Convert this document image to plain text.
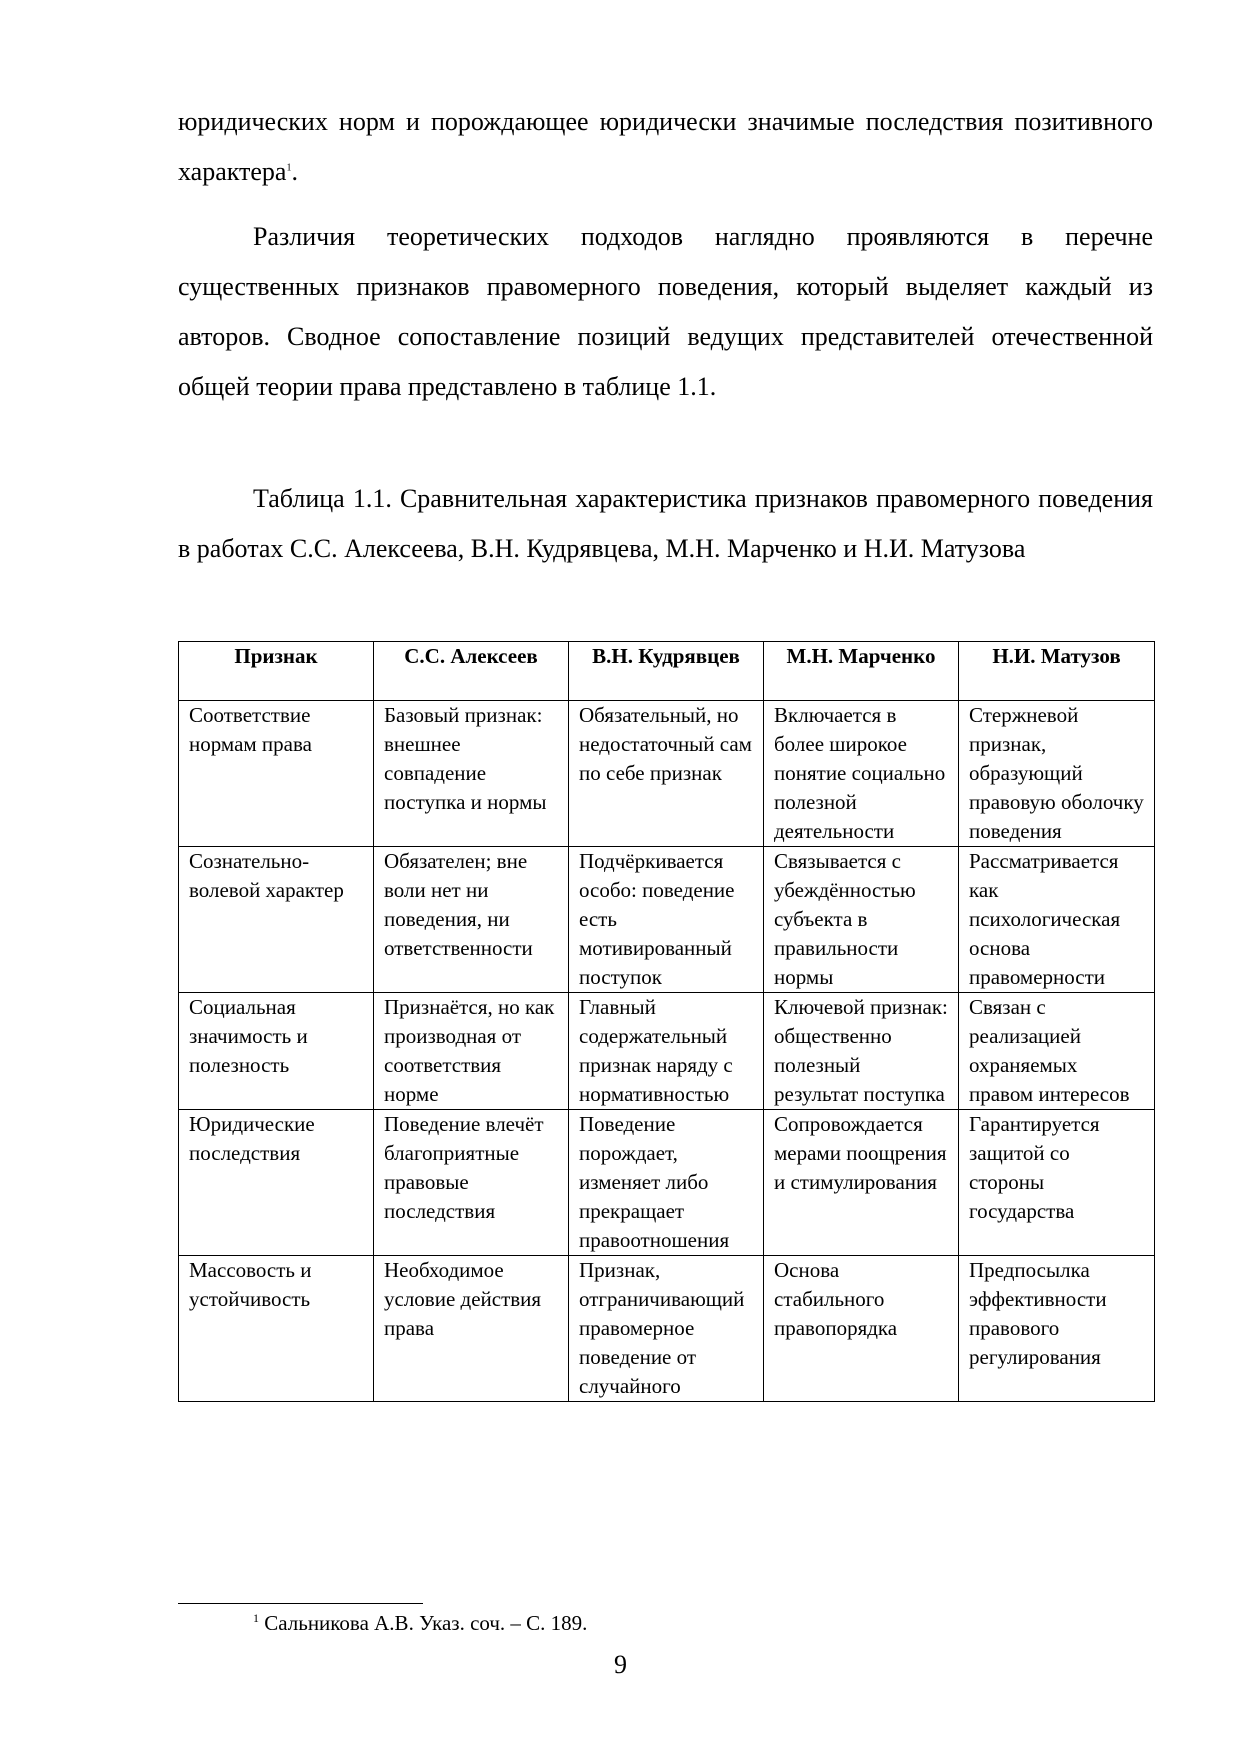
юридических норм и порождающее юридически значимые последствия позитивного характера$^1$.

Различия теоретических подходов наглядно проявляются в перечне существенных признаков правомерного поведения, который выделяет каждый из авторов. Сводное сопоставление позиций ведущих представителей отечественной общей теории права представлено в таблице 1.1.

Таблица 1.1. Сравнительная характеристика признаков правомерного поведения в работах С.С. Алексеева, В.Н. Кудрявцева, М.Н. Марченко и Н.И. Матузова

Признак	С.С. Алексеев	В.Н. Кудрявцев	М.Н. Марченко	Н.И. Матузов
Соответствие нормам права	Базовый признак: внешнее совпадение поступка и нормы	Обязательный, но недостаточный сам по себе признак	Включается в более широкое понятие социально полезной деятельности	Стержневой признак, образующий правовую оболочку поведения
Сознательно-волевой характер	Обязателен; вне воли нет ни поведения, ни ответственности	Подчёркивается особо: поведение есть мотивированный поступок	Связывается с убеждённостью субъекта в правильности нормы	Рассматривается как психологическая основа правомерности
Социальная значимость и полезность	Признаётся, но как производная от соответствия норме	Главный содержательный признак наряду с нормативностью	Ключевой признак: общественно полезный результат поступка	Связан с реализацией охраняемых правом интересов
Юридические последствия	Поведение влечёт благоприятные правовые последствия	Поведение порождает, изменяет либо прекращает правоотношения	Сопровождается мерами поощрения и стимулирования	Гарантируется защитой со стороны государства
Массовость и устойчивость	Необходимое условие действия права	Признак, отграничивающий правомерное поведение от случайного	Основа стабильного правопорядка	Предпосылка эффективности правового регулирования
$^1$ Сальникова А.В. Указ. соч. – С. 189.
9
